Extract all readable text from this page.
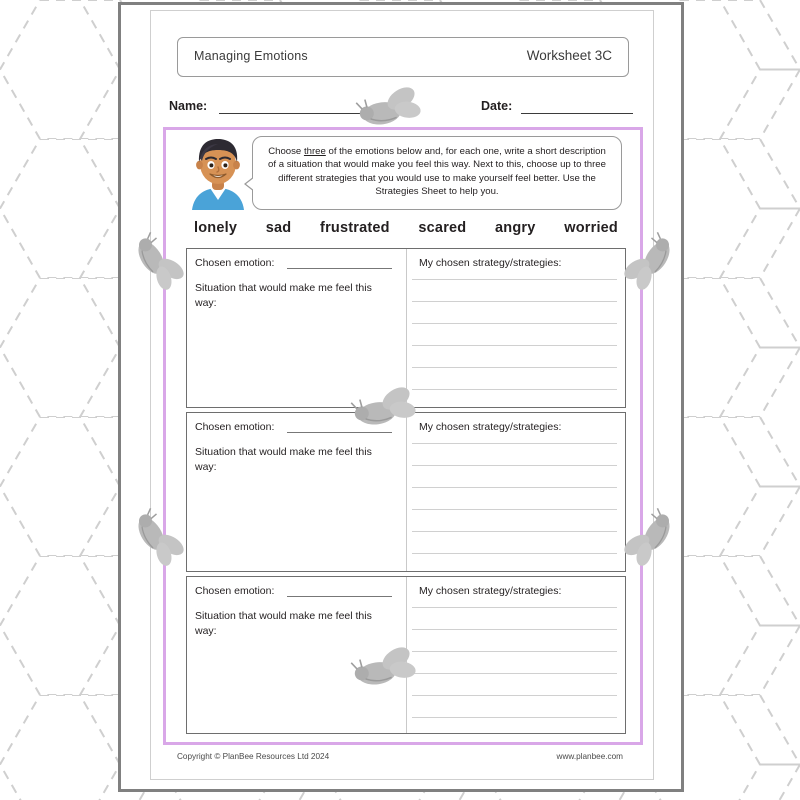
Managing Emotions	Worksheet 3C
Name:	Date:
Choose three of the emotions below and, for each one, write a short description of a situation that would make you feel this way. Next to this, choose up to three different strategies that you would use to make yourself feel better. Use the Strategies Sheet to help you.
lonely sad frustrated scared angry worried
Chosen emotion:
Situation that would make me feel this way:
My chosen strategy/strategies:
Chosen emotion:
Situation that would make me feel this way:
My chosen strategy/strategies:
Chosen emotion:
Situation that would make me feel this way:
My chosen strategy/strategies:
Copyright © PlanBee Resources Ltd 2024	www.planbee.com
